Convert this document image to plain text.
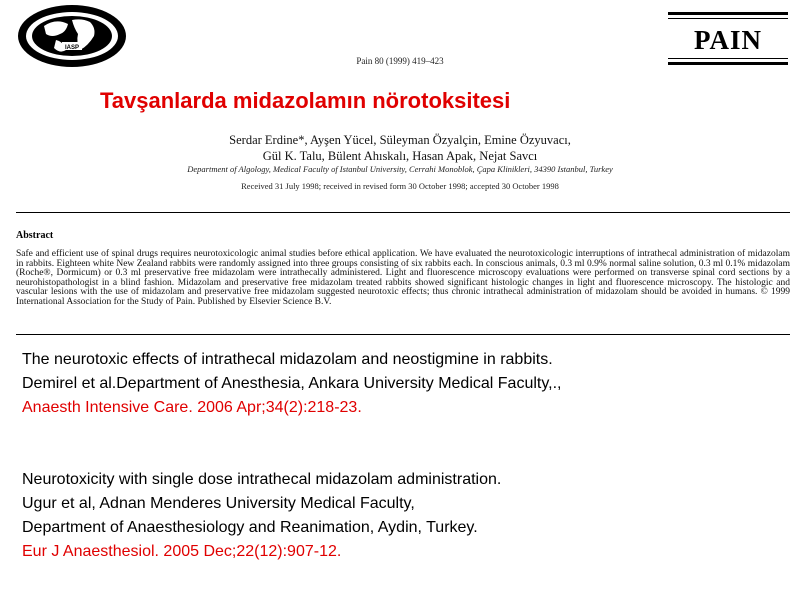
IASP
Pain 80 (1999) 419–423
PAIN
Tavşanlarda midazolamın nörotoksitesi
Serdar Erdine*, Ayşen Yücel, Süleyman Özyalçin, Emine Özyuvacı,
Gül K. Talu, Bülent Ahıskalı, Hasan Apak, Nejat Savcı
Department of Algology, Medical Faculty of Istanbul University, Cerrahi Monoblok, Çapa Klinikleri, 34390 Istanbul, Turkey
Received 31 July 1998; received in revised form 30 October 1998; accepted 30 October 1998
Abstract
Safe and efficient use of spinal drugs requires neurotoxicologic animal studies before ethical application. We have evaluated the neurotoxicologic interruptions of intrathecal administration of midazolam in rabbits. Eighteen white New Zealand rabbits were randomly assigned into three groups consisting of six rabbits each. In conscious animals, 0.3 ml 0.9% normal saline solution, 0.3 ml 0.1% midazolam (Roche®, Dormicum) or 0.3 ml preservative free midazolam were intrathecally administered. Light and fluorescence microscopy evaluations were performed on transverse spinal cord sections by a neurohistopathologist in a blind fashion. Midazolam and preservative free midazolam treated rabbits showed significant histologic changes in light and fluorescence microscopy. The histologic and vascular lesions with the use of midazolam and preservative free midazolam suggested neurotoxic effects; thus chronic intrathecal administration of midazolam should be avoided in humans. © 1999 International Association for the Study of Pain. Published by Elsevier Science B.V.
The neurotoxic effects of intrathecal midazolam and neostigmine in rabbits.
Demirel et al.Department of Anesthesia, Ankara University Medical Faculty,.,
Anaesth Intensive Care. 2006 Apr;34(2):218-23.
Neurotoxicity with single dose intrathecal midazolam administration.
Ugur et al, Adnan Menderes University Medical Faculty,
Department of Anaesthesiology and Reanimation, Aydin, Turkey.
Eur J Anaesthesiol. 2005 Dec;22(12):907-12.
